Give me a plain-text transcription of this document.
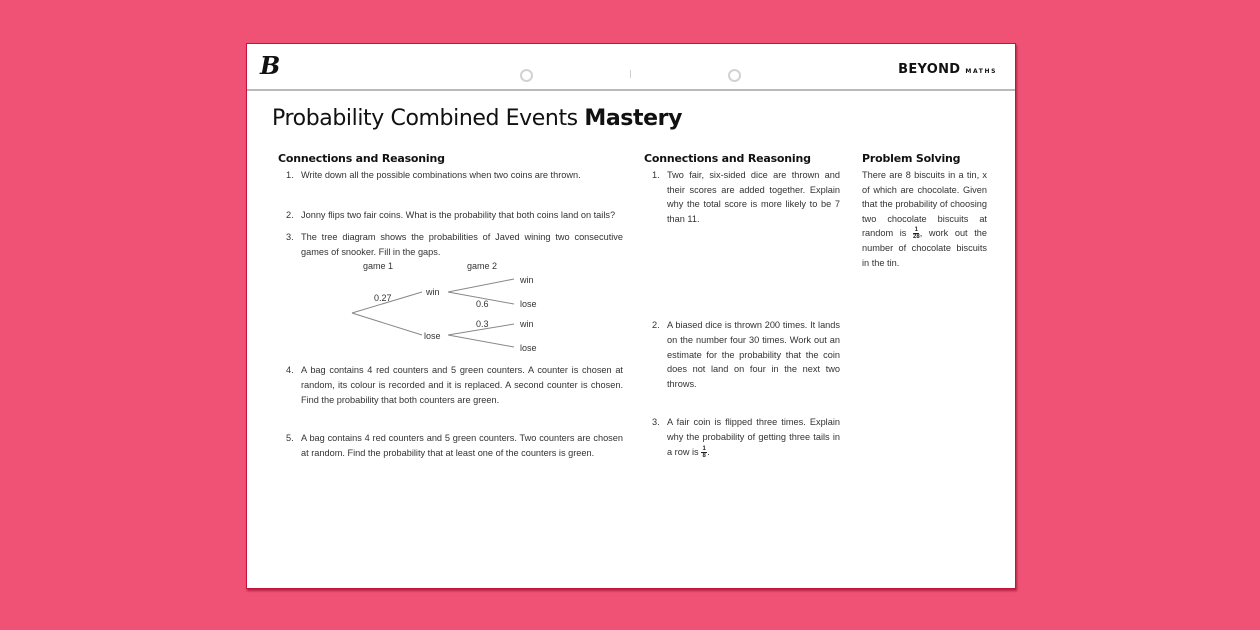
B	BEYOND MATHS
Probability Combined Events Mastery
Connections and Reasoning
1. Write down all the possible combinations when two coins are thrown.
2. Jonny flips two fair coins. What is the probability that both coins land on tails?
3. The tree diagram shows the probabilities of Javed wining two consecutive games of snooker. Fill in the gaps.
game 1	game 2
0.27
win
lose
0.6
0.3
win
lose
win
lose
4. A bag contains 4 red counters and 5 green counters. A counter is chosen at random, its colour is recorded and it is replaced. A second counter is chosen. Find the probability that both counters are green.
5. A bag contains 4 red counters and 5 green counters. Two counters are chosen at random. Find the probability that at least one of the counters is green.
Connections and Reasoning
1. Two fair, six-sided dice are thrown and their scores are added together. Explain why the total score is more likely to be 7 than 11.
2. A biased dice is thrown 200 times. It lands on the number four 30 times. Work out an estimate for the probability that the coin does not land on four in the next two throws.
3. A fair coin is flipped three times. Explain why the probability of getting three tails in a row is $\frac{1}{8}$ .
Problem Solving

There are 8 biscuits in a tin, x of which are chocolate. Given that the probability of choosing two chocolate biscuits at random is $\frac{1}{28}$ , work out the number of chocolate biscuits in the tin.
